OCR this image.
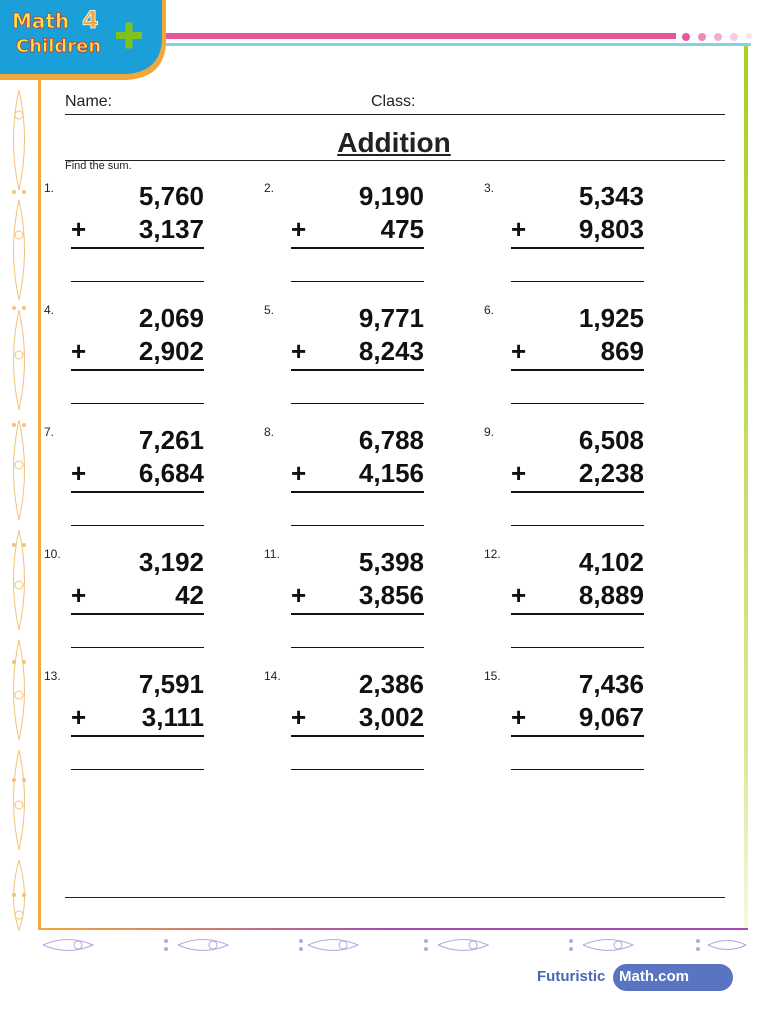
Math 4
Children
Name:	Class:
Addition
Find the sum.
1.	5,760
+ 3,137
2.	9,190
+	475
3.	5,343
+ 9,803
4.	2,069
+ 2,902
5.	9,771
+ 8,243
6.	1,925
+	869
7.	7,261
+ 6,684
8.	6,788
+ 4,156
9.	6,508
+ 2,238
10.	3,192
+	42
11.	5,398
+ 3,856
12.	4,102
+ 8,889
13.	7,591
+ 3,111
14.	2,386
+ 3,002
15.	7,436
+ 9,067
Futuristic Math.com
